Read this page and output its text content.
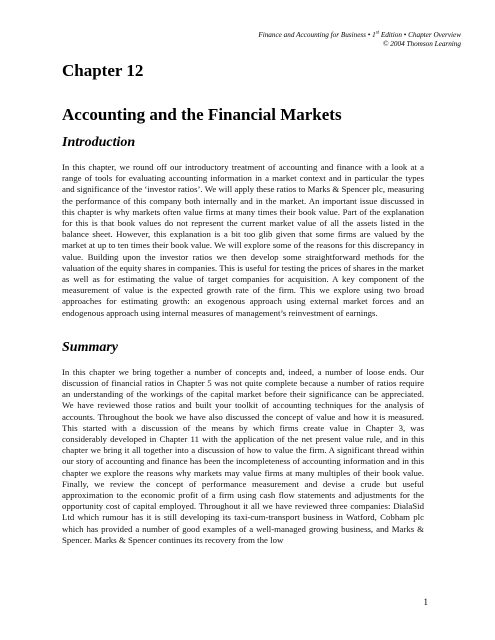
Finance and Accounting for Business • 1st Edition • Chapter Overview
© 2004 Thomson Learning
Chapter 12
Accounting and the Financial Markets
Introduction

In this chapter, we round off our introductory treatment of accounting and finance with a look at a range of tools for evaluating accounting information in a market context and in particular the types and significance of the ‘investor ratios’. We will apply these ratios to Marks & Spencer plc, measuring the performance of this company both internally and in the market. An important issue discussed in this chapter is why markets often value firms at many times their book value. Part of the explanation for this is that book values do not represent the current market value of all the assets listed in the balance sheet. However, this explanation is a bit too glib given that some firms are valued by the market at up to ten times their book value. We will explore some of the reasons for this discrepancy in value. Building upon the investor ratios we then develop some straightforward methods for the valuation of the equity shares in companies. This is useful for testing the prices of shares in the market as well as for estimating the value of target companies for acquisition. A key component of the measurement of value is the expected growth rate of the firm. This we explore using two broad approaches for estimating growth: an exogenous approach using external market forces and an endogenous approach using internal measures of management’s reinvestment of earnings.

Summary

In this chapter we bring together a number of concepts and, indeed, a number of loose ends. Our discussion of financial ratios in Chapter 5 was not quite complete because a number of ratios require an understanding of the workings of the capital market before their significance can be appreciated. We have reviewed those ratios and built your toolkit of accounting techniques for the analysis of accounts. Throughout the book we have also discussed the concept of value and how it is measured. This started with a discussion of the means by which firms create value in Chapter 3, was considerably developed in Chapter 11 with the application of the net present value rule, and in this chapter we bring it all together into a discussion of how to value the firm. A significant thread within our story of accounting and finance has been the incompleteness of accounting information and in this chapter we explore the reasons why markets may value firms at many multiples of their book value. Finally, we review the concept of performance measurement and devise a crude but useful approximation to the economic profit of a firm using cash flow statements and adjustments for the opportunity cost of capital employed. Throughout it all we have reviewed three companies: DialaSid Ltd which rumour has it is still developing its taxi-cum-transport business in Watford, Cobham plc which has provided a number of good examples of a well-managed growing business, and Marks & Spencer. Marks & Spencer continues its recovery from the low

1
